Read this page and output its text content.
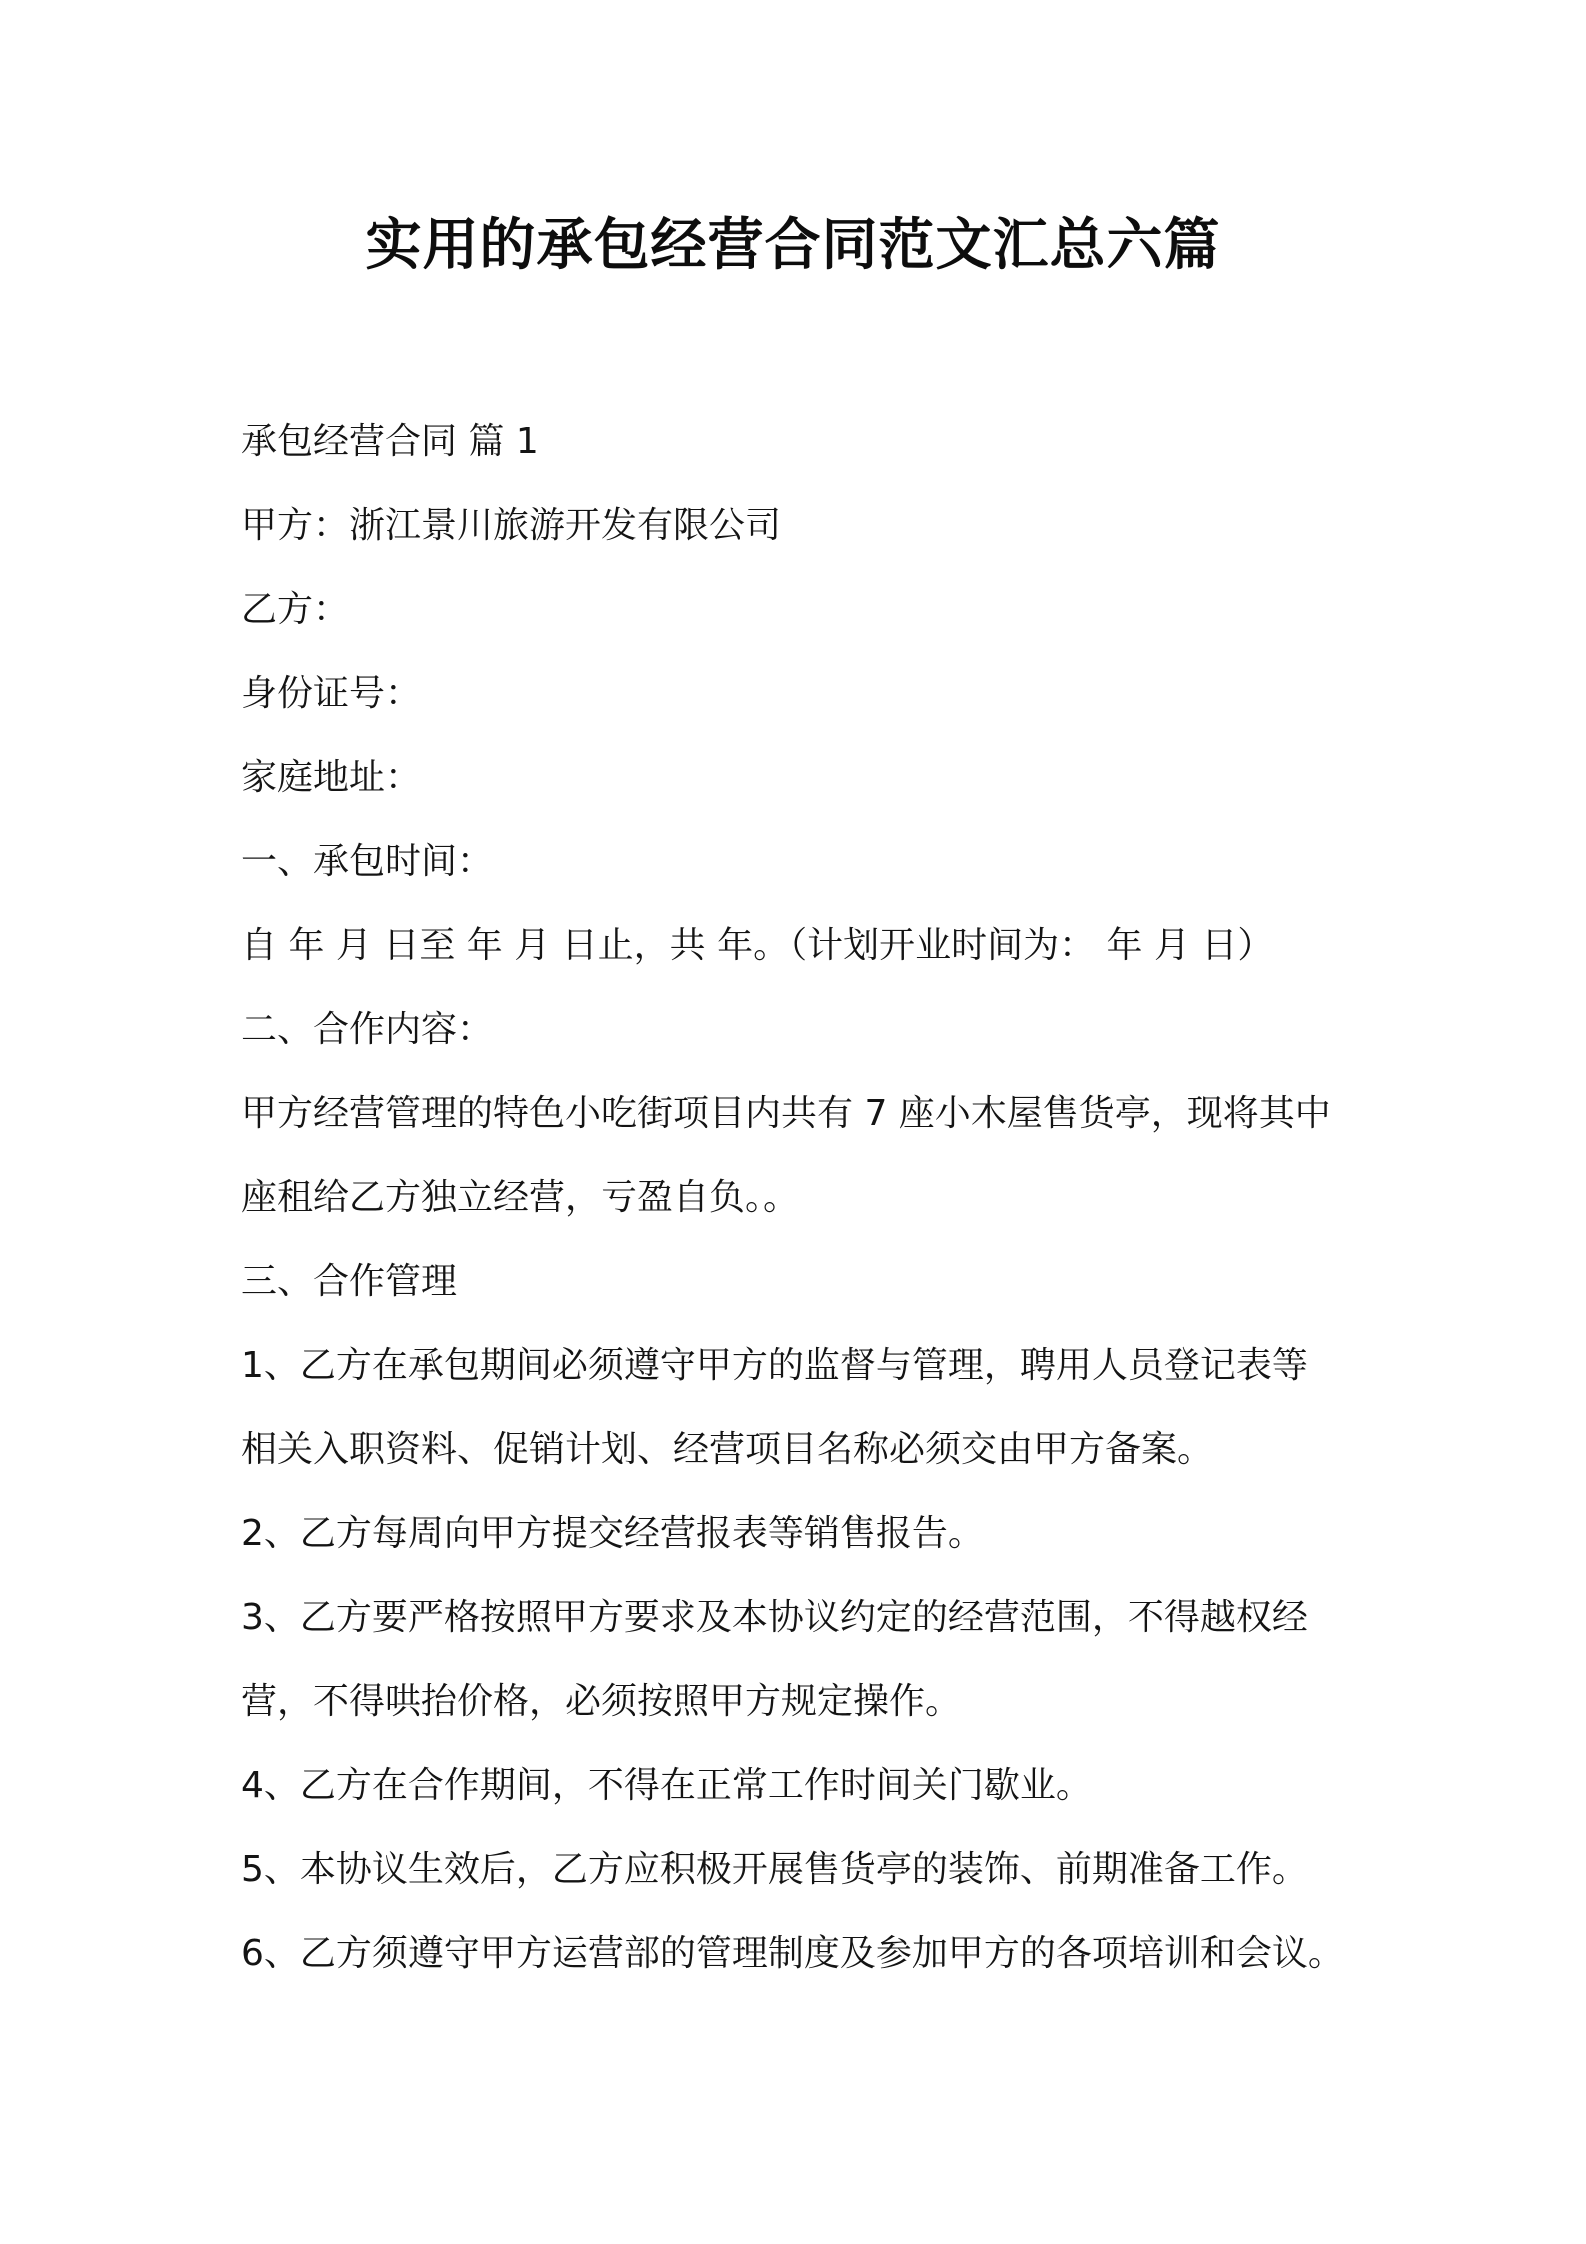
实用的承包经营合同范文汇总六篇
承包经营合同 篇 1
甲方：浙江景川旅游开发有限公司
乙方：
身份证号：
家庭地址：
一、承包时间：
自 年 月 日至 年 月 日止，共 年。（计划开业时间为： 年 月 日）
二、合作内容：
甲方经营管理的特色小吃街项目内共有 7 座小木屋售货亭，现将其中
座租给乙方独立经营，亏盈自负。。
三、合作管理
1、乙方在承包期间必须遵守甲方的监督与管理，聘用人员登记表等
相关入职资料、促销计划、经营项目名称必须交由甲方备案。
2、乙方每周向甲方提交经营报表等销售报告。
3、乙方要严格按照甲方要求及本协议约定的经营范围，不得越权经
营，不得哄抬价格，必须按照甲方规定操作。
4、乙方在合作期间，不得在正常工作时间关门歇业。
5、本协议生效后，乙方应积极开展售货亭的装饰、前期准备工作。
6、乙方须遵守甲方运营部的管理制度及参加甲方的各项培训和会议。
